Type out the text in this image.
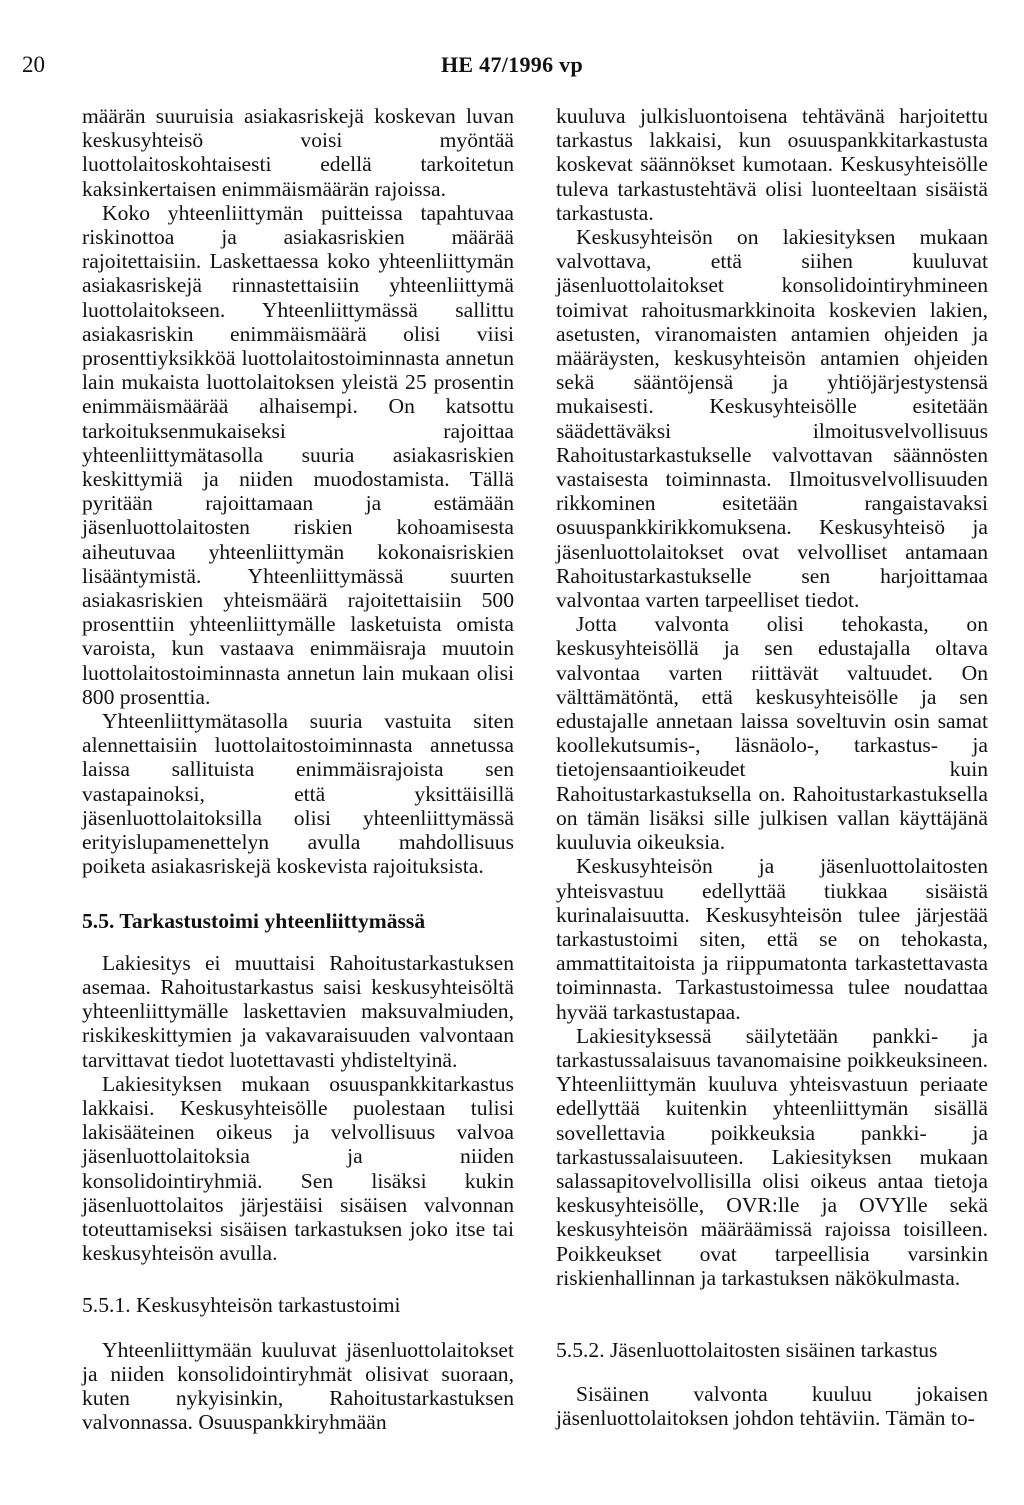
20	HE 47/1996 vp

määrän suuruisia asiakasriskejä koskevan luvan keskusyhteisö voisi myöntää luottolaitoskohtaisesti edellä tarkoitetun kaksinkertaisen enimmäismäärän rajoissa.

Koko yhteenliittymän puitteissa tapahtuvaa riskinottoa ja asiakasriskien määrää rajoitettaisiin. Laskettaessa koko yhteenliittymän asiakasriskejä rinnastettaisiin yhteenliittymä luottolaitokseen. Yhteenliittymässä sallittu asiakasriskin enimmäismäärä olisi viisi prosenttiyksikköä luottolaitostoiminnasta annetun lain mukaista luottolaitoksen yleistä 25 prosentin enimmäismäärää alhaisempi. On katsottu tarkoituksenmukaiseksi rajoittaa yhteenliittymätasolla suuria asiakasriskien keskittymiä ja niiden muodostamista. Tällä pyritään rajoittamaan ja estämään jäsenluottolaitosten riskien kohoamisesta aiheutuvaa yhteenliittymän kokonaisriskien lisääntymistä. Yhteenliittymässä suurten asiakasriskien yhteismäärä rajoitettaisiin 500 prosenttiin yhteenliittymälle lasketuista omista varoista, kun vastaava enimmäisraja muutoin luottolaitostoiminnasta annetun lain mukaan olisi 800 prosenttia.

Yhteenliittymätasolla suuria vastuita siten alennettaisiin luottolaitostoiminnasta annetussa laissa sallituista enimmäisrajoista sen vastapainoksi, että yksittäisillä jäsenluottolaitoksilla olisi yhteenliittymässä erityislupamenettelyn avulla mahdollisuus poiketa asiakasriskejä koskevista rajoituksista.

5.5. Tarkastustoimi yhteenliittymässä

Lakiesitys ei muuttaisi Rahoitustarkastuksen asemaa. Rahoitustarkastus saisi keskusyhteisöltä yhteenliittymälle laskettavien maksuvalmiuden, riskikeskittymien ja vakavaraisuuden valvontaan tarvittavat tiedot luotettavasti yhdisteltyinä.

Lakiesityksen mukaan osuuspankkitarkastus lakkaisi. Keskusyhteisölle puolestaan tulisi lakisääteinen oikeus ja velvollisuus valvoa jäsenluottolaitoksia ja niiden konsolidointiryhmiä. Sen lisäksi kukin jäsenluottolaitos järjestäisi sisäisen valvonnan toteuttamiseksi sisäisen tarkastuksen joko itse tai keskusyhteisön avulla.

5.5.1. Keskusyhteisön tarkastustoimi

Yhteenliittymään kuuluvat jäsenluottolaitokset ja niiden konsolidointiryhmät olisivat suoraan, kuten nykyisinkin, Rahoitustarkastuksen valvonnassa. Osuuspankkiryhmään

kuuluva julkisluontoisena tehtävänä harjoitettu tarkastus lakkaisi, kun osuuspankkitarkastusta koskevat säännökset kumotaan. Keskusyhteisölle tuleva tarkastustehtävä olisi luonteeltaan sisäistä tarkastusta.

Keskusyhteisön on lakiesityksen mukaan valvottava, että siihen kuuluvat jäsenluottolaitokset konsolidointiryhmineen toimivat rahoitusmarkkinoita koskevien lakien, asetusten, viranomaisten antamien ohjeiden ja määräysten, keskusyhteisön antamien ohjeiden sekä sääntöjensä ja yhtiöjärjestystensä mukaisesti. Keskusyhteisölle esitetään säädettäväksi ilmoitusvelvollisuus Rahoitustarkastukselle valvottavan säännösten vastaisesta toiminnasta. Ilmoitusvelvollisuuden rikkominen esitetään rangaistavaksi osuuspankkirikkomuksena. Keskusyhteisö ja jäsenluottolaitokset ovat velvolliset antamaan Rahoitustarkastukselle sen harjoittamaa valvontaa varten tarpeelliset tiedot.

Jotta valvonta olisi tehokasta, on keskusyhteisöllä ja sen edustajalla oltava valvontaa varten riittävät valtuudet. On välttämätöntä, että keskusyhteisölle ja sen edustajalle annetaan laissa soveltuvin osin samat koollekutsumis-, läsnäolo-, tarkastus- ja tietojensaantioikeudet kuin Rahoitustarkastuksella on. Rahoitustarkastuksella on tämän lisäksi sille julkisen vallan käyttäjänä kuuluvia oikeuksia.

Keskusyhteisön ja jäsenluottolaitosten yhteisvastuu edellyttää tiukkaa sisäistä kurinalaisuutta. Keskusyhteisön tulee järjestää tarkastustoimi siten, että se on tehokasta, ammattitaitoista ja riippumatonta tarkastettavasta toiminnasta. Tarkastustoimessa tulee noudattaa hyvää tarkastustapaa.

Lakiesityksessä säilytetään pankki- ja tarkastussalaisuus tavanomaisine poikkeuksineen. Yhteenliittymän kuuluva yhteisvastuun periaate edellyttää kuitenkin yhteenliittymän sisällä sovellettavia poikkeuksia pankki- ja tarkastussalaisuuteen. Lakiesityksen mukaan salassapitovelvollisilla olisi oikeus antaa tietoja keskusyhteisölle, OVR:lle ja OVYlle sekä keskusyhteisön määräämissä rajoissa toisilleen. Poikkeukset ovat tarpeellisia varsinkin riskienhallinnan ja tarkastuksen näkökulmasta.

5.5.2. Jäsenluottolaitosten sisäinen tarkastus

Sisäinen valvonta kuuluu jokaisen jäsenluottolaitoksen johdon tehtäviin. Tämän to-
